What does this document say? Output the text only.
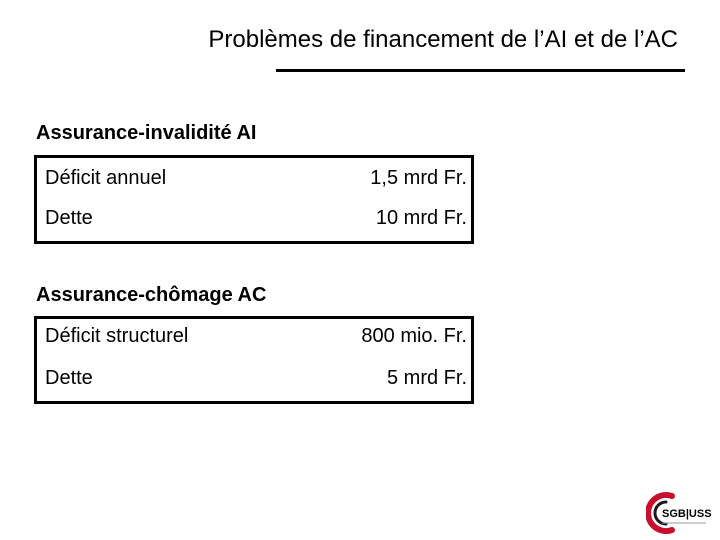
Problèmes de financement de l’AI et de l’AC
Assurance-invalidité AI
Déficit annuel	1,5 mrd Fr.
Dette	10 mrd Fr.
Assurance-chômage AC
Déficit structurel	800 mio. Fr.
Dette	5 mrd Fr.
SGB|USS
